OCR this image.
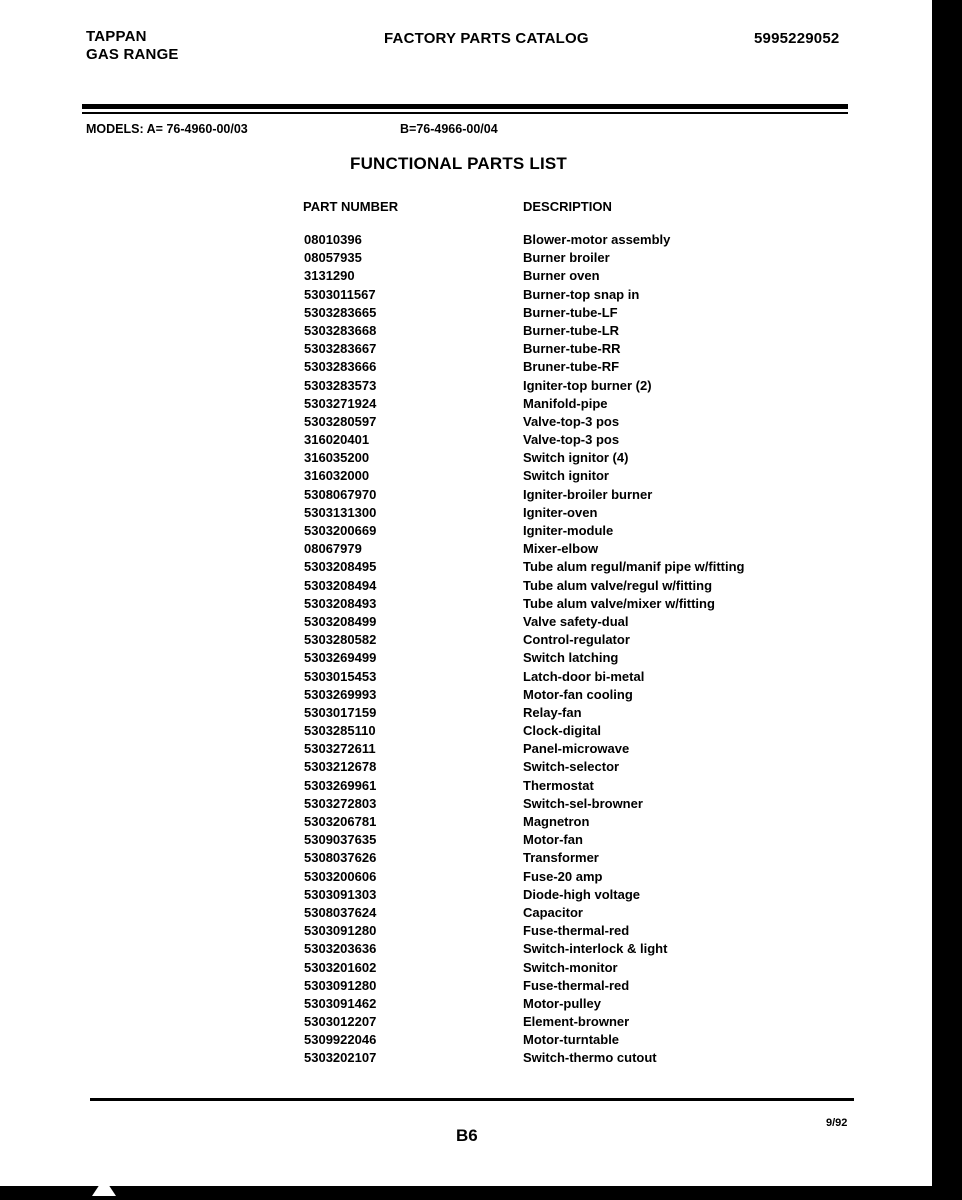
TAPPAN
GAS RANGE
FACTORY PARTS CATALOG	5995229052
MODELS: A= 76-4960-00/03	B=76-4966-00/04
FUNCTIONAL PARTS LIST
PART NUMBER	DESCRIPTION
08010396	Blower-motor assembly
08057935	Burner broiler
3131290	Burner oven
5303011567	Burner-top snap in
5303283665	Burner-tube-LF
5303283668	Burner-tube-LR
5303283667	Burner-tube-RR
5303283666	Bruner-tube-RF
5303283573	Igniter-top burner (2)
5303271924	Manifold-pipe
5303280597	Valve-top-3 pos
316020401	Valve-top-3 pos
316035200	Switch ignitor (4)
316032000	Switch ignitor
5308067970	Igniter-broiler burner
5303131300	Igniter-oven
5303200669	Igniter-module
08067979	Mixer-elbow
5303208495	Tube alum regul/manif pipe w/fitting
5303208494	Tube alum valve/regul w/fitting
5303208493	Tube alum valve/mixer w/fitting
5303208499	Valve safety-dual
5303280582	Control-regulator
5303269499	Switch latching
5303015453	Latch-door bi-metal
5303269993	Motor-fan cooling
5303017159	Relay-fan
5303285110	Clock-digital
5303272611	Panel-microwave
5303212678	Switch-selector
5303269961	Thermostat
5303272803	Switch-sel-browner
5303206781	Magnetron
5309037635	Motor-fan
5308037626	Transformer
5303200606	Fuse-20 amp
5303091303	Diode-high voltage
5308037624	Capacitor
5303091280	Fuse-thermal-red
5303203636	Switch-interlock & light
5303201602	Switch-monitor
5303091280	Fuse-thermal-red
5303091462	Motor-pulley
5303012207	Element-browner
5309922046	Motor-turntable
5303202107	Switch-thermo cutout
B6
9/92
